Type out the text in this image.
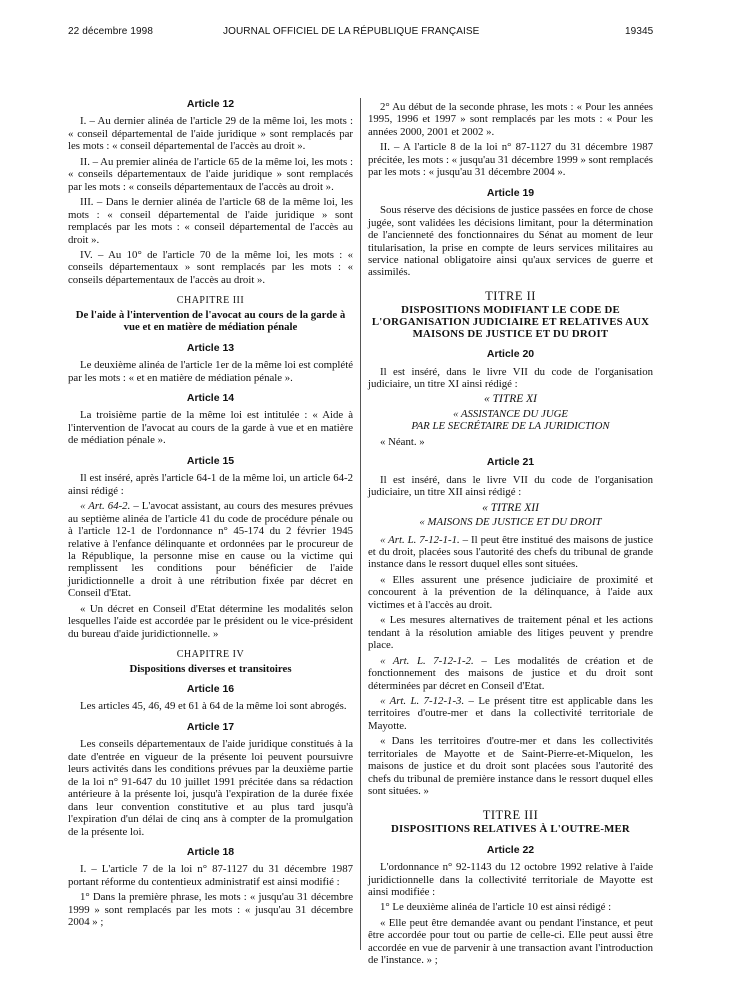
22 décembre 1998	JOURNAL OFFICIEL DE LA RÉPUBLIQUE FRANÇAISE	19345
Article 12

I. – Au dernier alinéa de l'article 29 de la même loi, les mots : « conseil départemental de l'aide juridique » sont remplacés par les mots : « conseil départemental de l'accès au droit ».

II. – Au premier alinéa de l'article 65 de la même loi, les mots : « conseils départementaux de l'aide juridique » sont remplacés par les mots : « conseils départementaux de l'accès au droit ».

III. – Dans le dernier alinéa de l'article 68 de la même loi, les mots : « conseil départemental de l'aide juridique » sont remplacés par les mots : « conseil départemental de l'accès au droit ».

IV. – Au 10° de l'article 70 de la même loi, les mots : « conseils départementaux » sont remplacés par les mots : « conseils départementaux de l'accès au droit ».

CHAPITRE III
De l'aide à l'intervention de l'avocat au cours de la garde à vue et en matière de médiation pénale
Article 13

Le deuxième alinéa de l'article 1er de la même loi est complété par les mots : « et en matière de médiation pénale ».

Article 14

La troisième partie de la même loi est intitulée : « Aide à l'intervention de l'avocat au cours de la garde à vue et en matière de médiation pénale ».

Article 15

Il est inséré, après l'article 64-1 de la même loi, un article 64-2 ainsi rédigé :

« Art. 64-2. – L'avocat assistant, au cours des mesures prévues au septième alinéa de l'article 41 du code de procédure pénale ou à l'article 12-1 de l'ordonnance n° 45-174 du 2 février 1945 relative à l'enfance délinquante et ordonnées par le procureur de la République, la personne mise en cause ou la victime qui remplissent les conditions pour bénéficier de l'aide juridictionnelle a droit à une rétribution fixée par décret en Conseil d'Etat.

« Un décret en Conseil d'Etat détermine les modalités selon lesquelles l'aide est accordée par le président ou le vice-président du bureau d'aide juridictionnelle. »

CHAPITRE IV
Dispositions diverses et transitoires
Article 16

Les articles 45, 46, 49 et 61 à 64 de la même loi sont abrogés.

Article 17

Les conseils départementaux de l'aide juridique constitués à la date d'entrée en vigueur de la présente loi peuvent poursuivre leurs activités dans les conditions prévues par la deuxième partie de la loi n° 91-647 du 10 juillet 1991 précitée dans sa rédaction antérieure à la présente loi, jusqu'à l'expiration de la durée fixée dans leur convention constitutive et au plus tard jusqu'à l'expiration d'un délai de cinq ans à compter de la promulgation de la présente loi.

Article 18

I. – L'article 7 de la loi n° 87-1127 du 31 décembre 1987 portant réforme du contentieux administratif est ainsi modifié :

1° Dans la première phrase, les mots : « jusqu'au 31 décembre 1999 » sont remplacés par les mots : « jusqu'au 31 décembre 2004 » ;

2° Au début de la seconde phrase, les mots : « Pour les années 1995, 1996 et 1997 » sont remplacés par les mots : « Pour les années 2000, 2001 et 2002 ».

II. – A l'article 8 de la loi n° 87-1127 du 31 décembre 1987 précitée, les mots : « jusqu'au 31 décembre 1999 » sont remplacés par les mots : « jusqu'au 31 décembre 2004 ».

Article 19

Sous réserve des décisions de justice passées en force de chose jugée, sont validées les décisions limitant, pour la détermination de l'ancienneté des fonctionnaires du Sénat au moment de leur titularisation, la prise en compte de leurs services militaires au service national obligatoire ainsi qu'aux services de guerre et assimilés.

TITRE II
DISPOSITIONS MODIFIANT LE CODE DE L'ORGANISATION JUDICIAIRE ET RELATIVES AUX MAISONS DE JUSTICE ET DU DROIT
Article 20

Il est inséré, dans le livre VII du code de l'organisation judiciaire, un titre XI ainsi rédigé :

« TITRE XI
« ASSISTANCE DU JUGE
PAR LE SECRÉTAIRE DE LA JURIDICTION

« Néant. »

Article 21

Il est inséré, dans le livre VII du code de l'organisation judiciaire, un titre XII ainsi rédigé :

« TITRE XII
« MAISONS DE JUSTICE ET DU DROIT

« Art. L. 7-12-1-1. – Il peut être institué des maisons de justice et du droit, placées sous l'autorité des chefs du tribunal de grande instance dans le ressort duquel elles sont situées.

« Elles assurent une présence judiciaire de proximité et concourent à la prévention de la délinquance, à l'aide aux victimes et à l'accès au droit.

« Les mesures alternatives de traitement pénal et les actions tendant à la résolution amiable des litiges peuvent y prendre place.

« Art. L. 7-12-1-2. – Les modalités de création et de fonctionnement des maisons de justice et du droit sont déterminées par décret en Conseil d'Etat.

« Art. L. 7-12-1-3. – Le présent titre est applicable dans les territoires d'outre-mer et dans la collectivité territoriale de Mayotte.

« Dans les territoires d'outre-mer et dans les collectivités territoriales de Mayotte et de Saint-Pierre-et-Miquelon, les maisons de justice et du droit sont placées sous l'autorité des chefs du tribunal de première instance dans le ressort duquel elles sont situées. »

TITRE III
DISPOSITIONS RELATIVES À L'OUTRE-MER
Article 22

L'ordonnance n° 92-1143 du 12 octobre 1992 relative à l'aide juridictionnelle dans la collectivité territoriale de Mayotte est ainsi modifiée :

1° Le deuxième alinéa de l'article 10 est ainsi rédigé :

« Elle peut être demandée avant ou pendant l'instance, et peut être accordée pour tout ou partie de celle-ci. Elle peut aussi être accordée en vue de parvenir à une transaction avant l'introduction de l'instance. » ;
